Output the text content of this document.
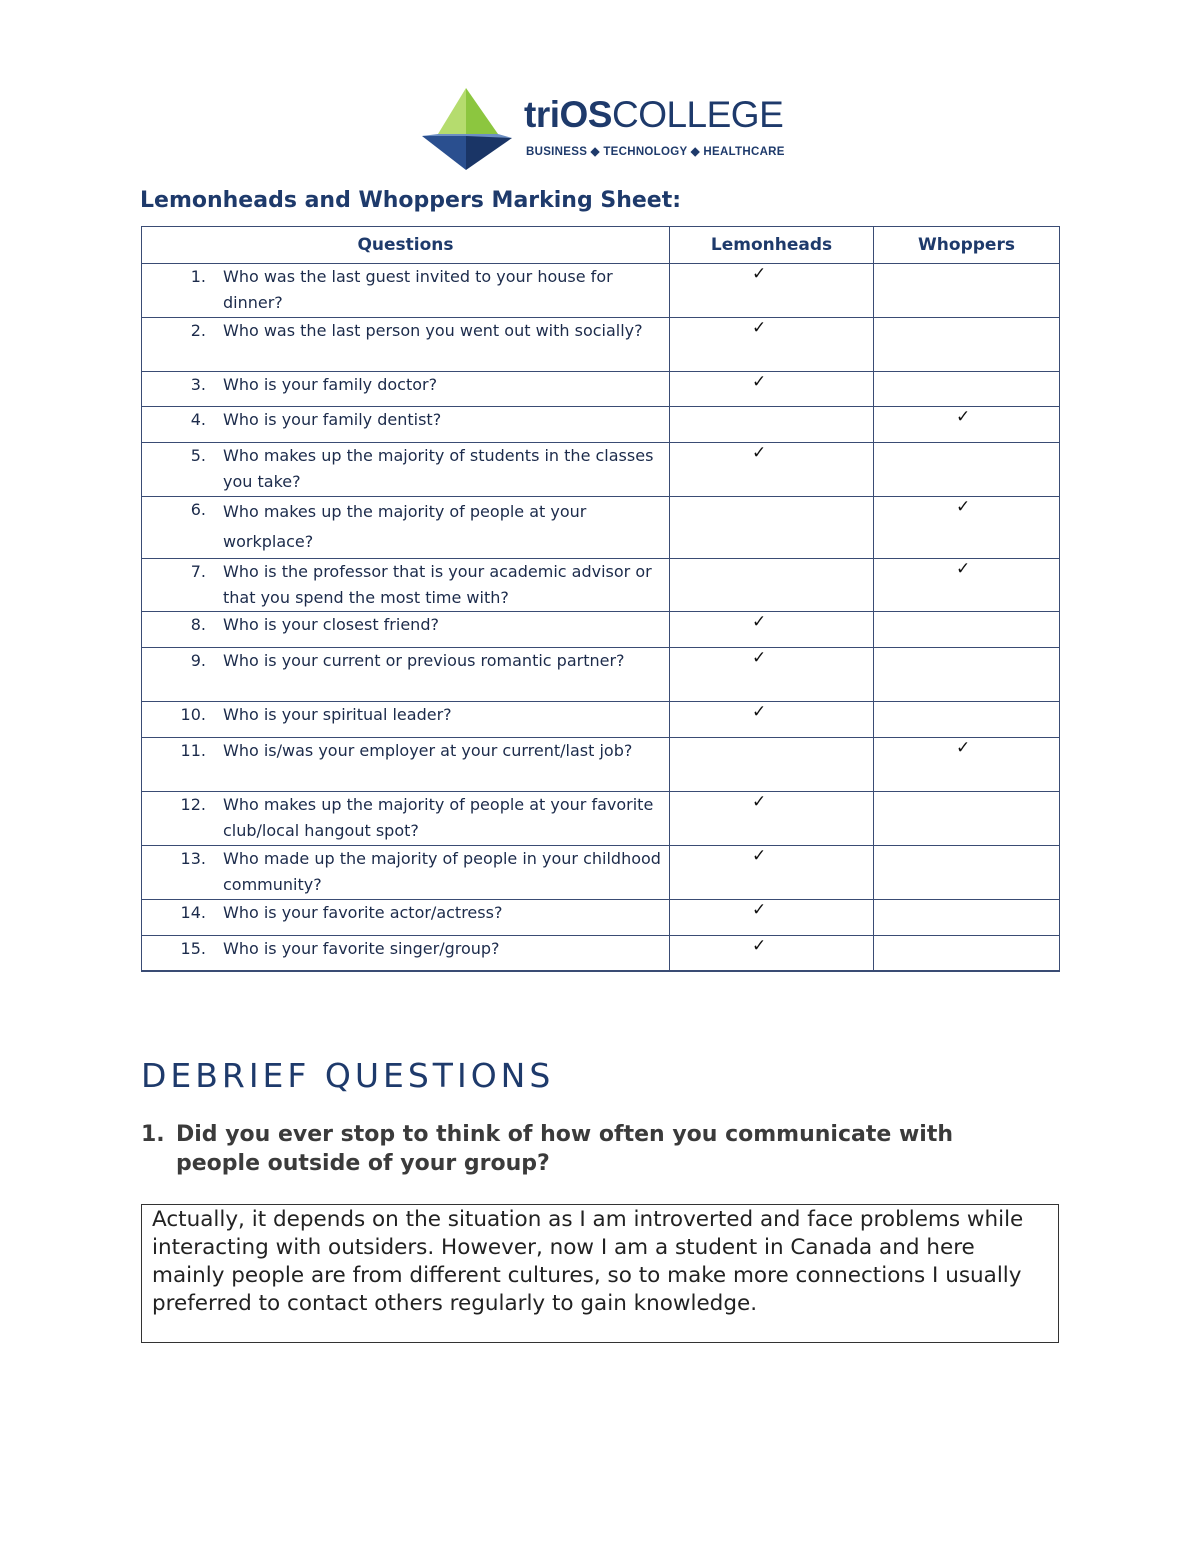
triOSCOLLEGE
BUSINESS ◆ TECHNOLOGY ◆ HEALTHCARE
Lemonheads and Whoppers Marking Sheet:
Questions	Lemonheads	Whoppers

1. Who was the last guest invited to your house for dinner?	✓	

2. Who was the last person you went out with socially?	✓	

3. Who is your family doctor?	✓	

4. Who is your family dentist?		✓

5. Who makes up the majority of students in the classes you take?	✓	

6. Who makes up the majority of people at your workplace?		✓

7. Who is the professor that is your academic advisor or that you spend the most time with?		✓

8. Who is your closest friend?	✓	

9. Who is your current or previous romantic partner?	✓	

10. Who is your spiritual leader?	✓	

11. Who is/was your employer at your current/last job?		✓

12. Who makes up the majority of people at your favorite club/local hangout spot?	✓	

13. Who made up the majority of people in your childhood community?	✓	

14. Who is your favorite actor/actress?	✓	

15. Who is your favorite singer/group?	✓	

DEBRIEF QUESTIONS

1. Did you ever stop to think of how often you communicate with people outside of your group?

Actually, it depends on the situation as I am introverted and face problems while interacting with outsiders. However, now I am a student in Canada and here mainly people are from different cultures, so to make more connections I usually preferred to contact others regularly to gain knowledge.
